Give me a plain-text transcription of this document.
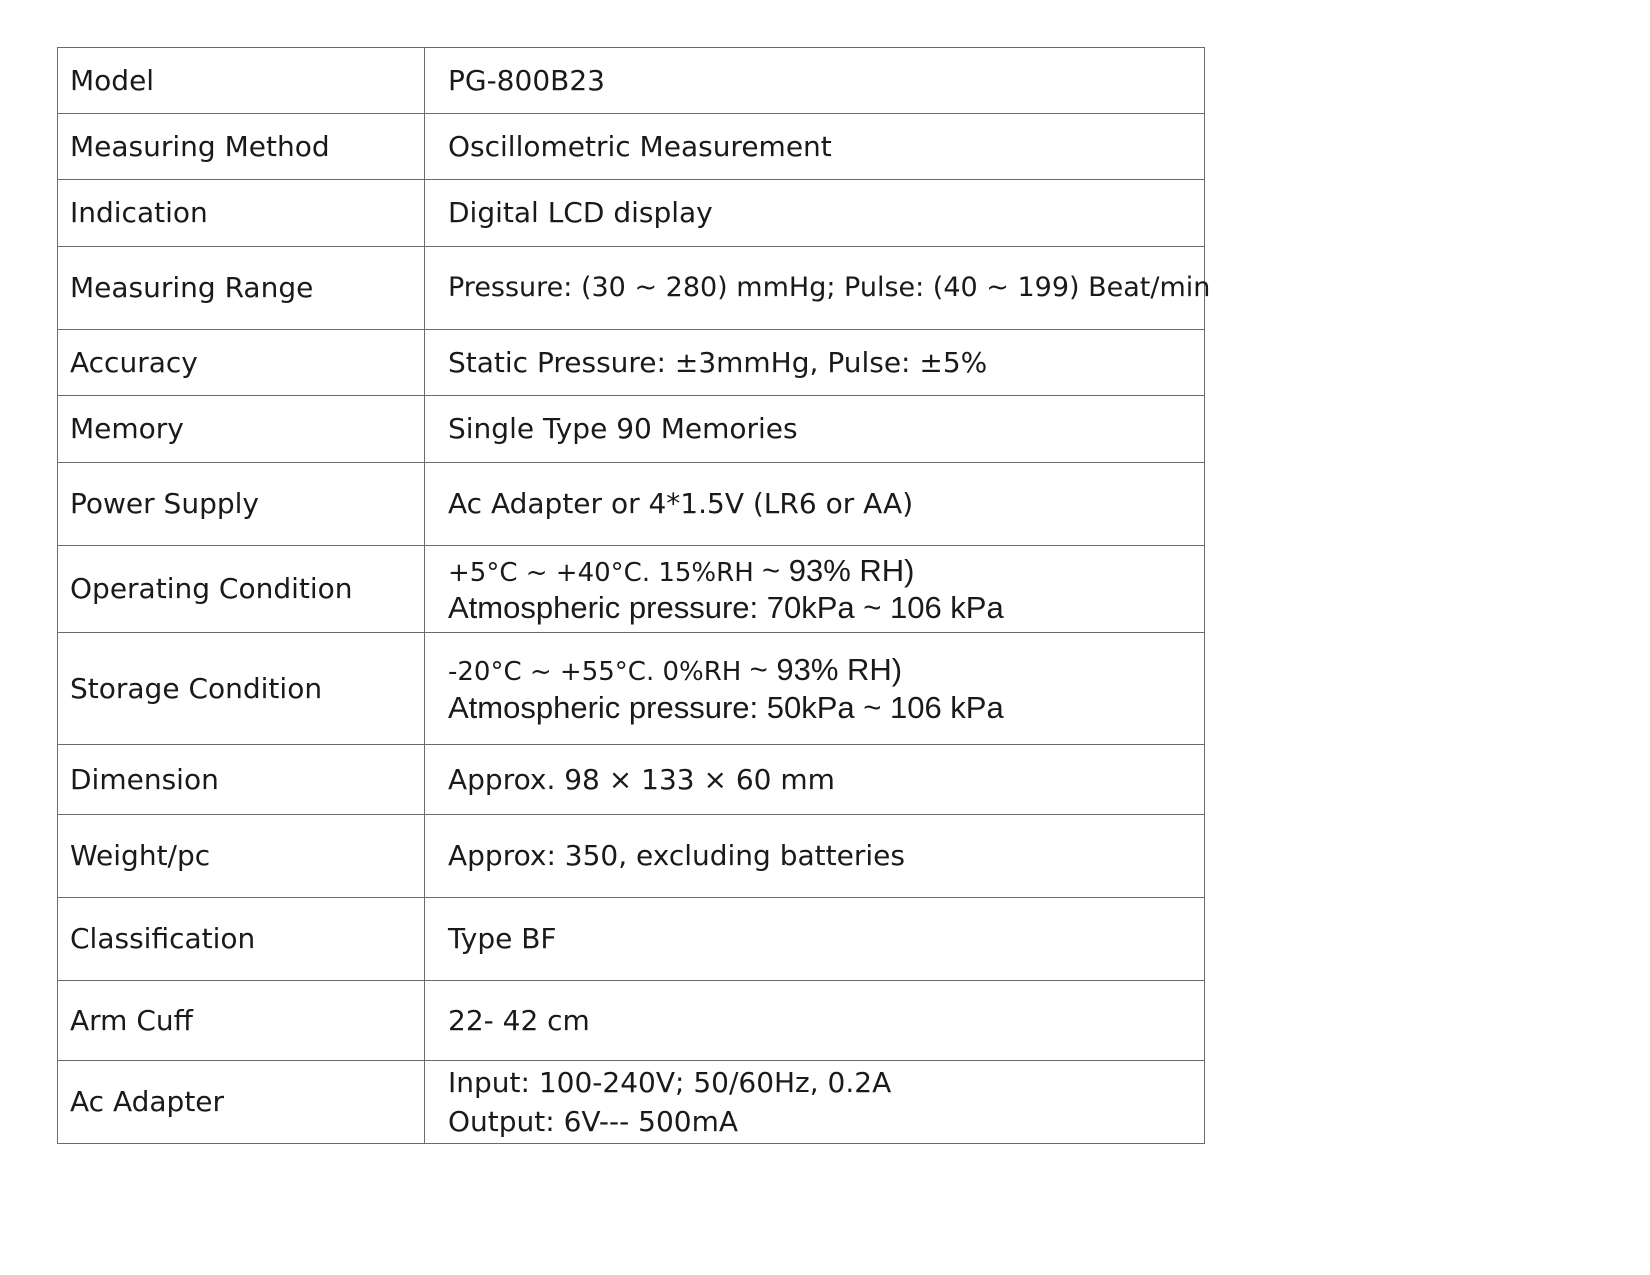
Model	PG-800B23
Measuring Method	Oscillometric Measurement
Indication	Digital LCD display
Measuring Range	Pressure: (30 ~ 280) mmHg; Pulse: (40 ~ 199) Beat/min
Accuracy	Static Pressure: ±3mmHg, Pulse: ±5%
Memory	Single Type 90 Memories
Power Supply	Ac Adapter or 4*1.5V (LR6 or AA)
Operating Condition	+5°C ~ +40°C. 15%RH ~ 93% RH)
Atmospheric pressure: 70kPa ~ 106 kPa

Storage Condition	-20°C ~ +55°C. 0%RH ~ 93% RH)
Atmospheric pressure: 50kPa ~ 106 kPa

Dimension	Approx. 98 × 133 × 60 mm
Weight/pc	Approx: 350, excluding batteries
Classification	Type BF
Arm Cuff	22- 42 cm
Ac Adapter	Input: 100-240V; 50/60Hz, 0.2A
Output: 6V--- 500mA
